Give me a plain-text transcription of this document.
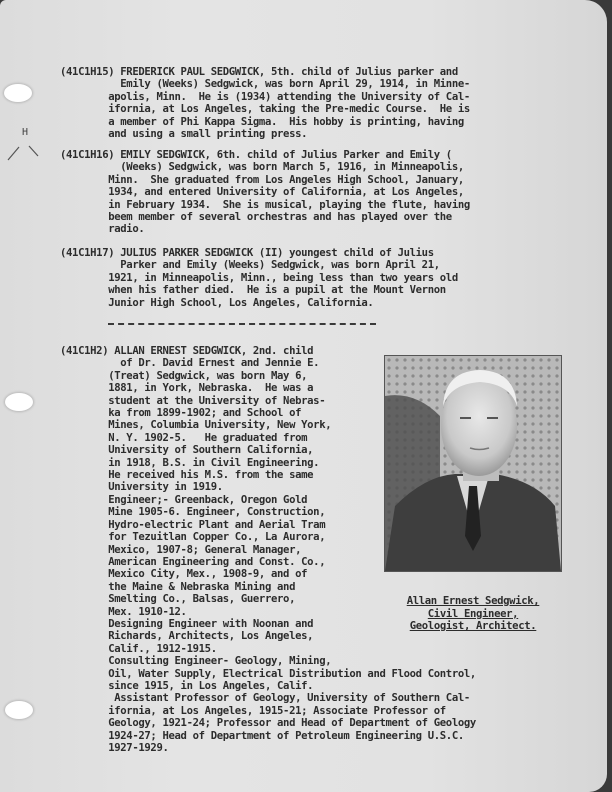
H
(41C1H15) FREDERICK PAUL SEDGWICK, 5th. child of Julius parker and
Emily (Weeks) Sedgwick, was born April 29, 1914, in Minne-
apolis, Minn.  He is (1934) attending the University of Cal-
ifornia, at Los Angeles, taking the Pre-medic Course.  He is
a member of Phi Kappa Sigma.  His hobby is printing, having
and using a small printing press.
(41C1H16) EMILY SEDGWICK, 6th. child of Julius Parker and Emily (
(Weeks) Sedgwick, was born March 5, 1916, in Minneapolis,
Minn.  She graduated from Los Angeles High School, January,
1934, and entered University of California, at Los Angeles,
in February 1934.  She is musical, playing the flute, having
beem member of several orchestras and has played over the
radio.
(41C1H17) JULIUS PARKER SEDGWICK (II) youngest child of Julius
Parker and Emily (Weeks) Sedgwick, was born April 21,
1921, in Minneapolis, Minn., being less than two years old
when his father died.  He is a pupil at the Mount Vernon
Junior High School, Los Angeles, California.
(41C1H2) ALLAN ERNEST SEDGWICK, 2nd. child
of Dr. David Ernest and Jennie E.
(Treat) Sedgwick, was born May 6,
1881, in York, Nebraska.  He was a
student at the University of Nebras-
ka from 1899-1902; and School of
Mines, Columbia University, New York,
N. Y. 1902-5.   He graduated from
University of Southern California,
in 1918, B.S. in Civil Engineering.
He received his M.S. from the same
University in 1919.
Engineer;- Greenback, Oregon Gold
Mine 1905-6. Engineer, Construction,
Hydro-electric Plant and Aerial Tram
for Tezuitlan Copper Co., La Aurora,
Mexico, 1907-8; General Manager,
American Engineering and Const. Co.,
Mexico City, Mex., 1908-9, and of
the Maine & Nebraska Mining and
Smelting Co., Balsas, Guerrero,
Mex. 1910-12.
Designing Engineer with Noonan and
Richards, Architects, Los Angeles,
Calif., 1912-1915.
Consulting Engineer- Geology, Mining,
Oil, Water Supply, Electrical Distribution and Flood Control,
since 1915, in Los Angeles, Calif.
Assistant Professor of Geology, University of Southern Cal-
ifornia, at Los Angeles, 1915-21; Associate Professor of
Geology, 1921-24; Professor and Head of Department of Geology
1924-27; Head of Department of Petroleum Engineering U.S.C.
1927-1929.
Allan Ernest Sedgwick,
Civil Engineer,
Geologist, Architect.
